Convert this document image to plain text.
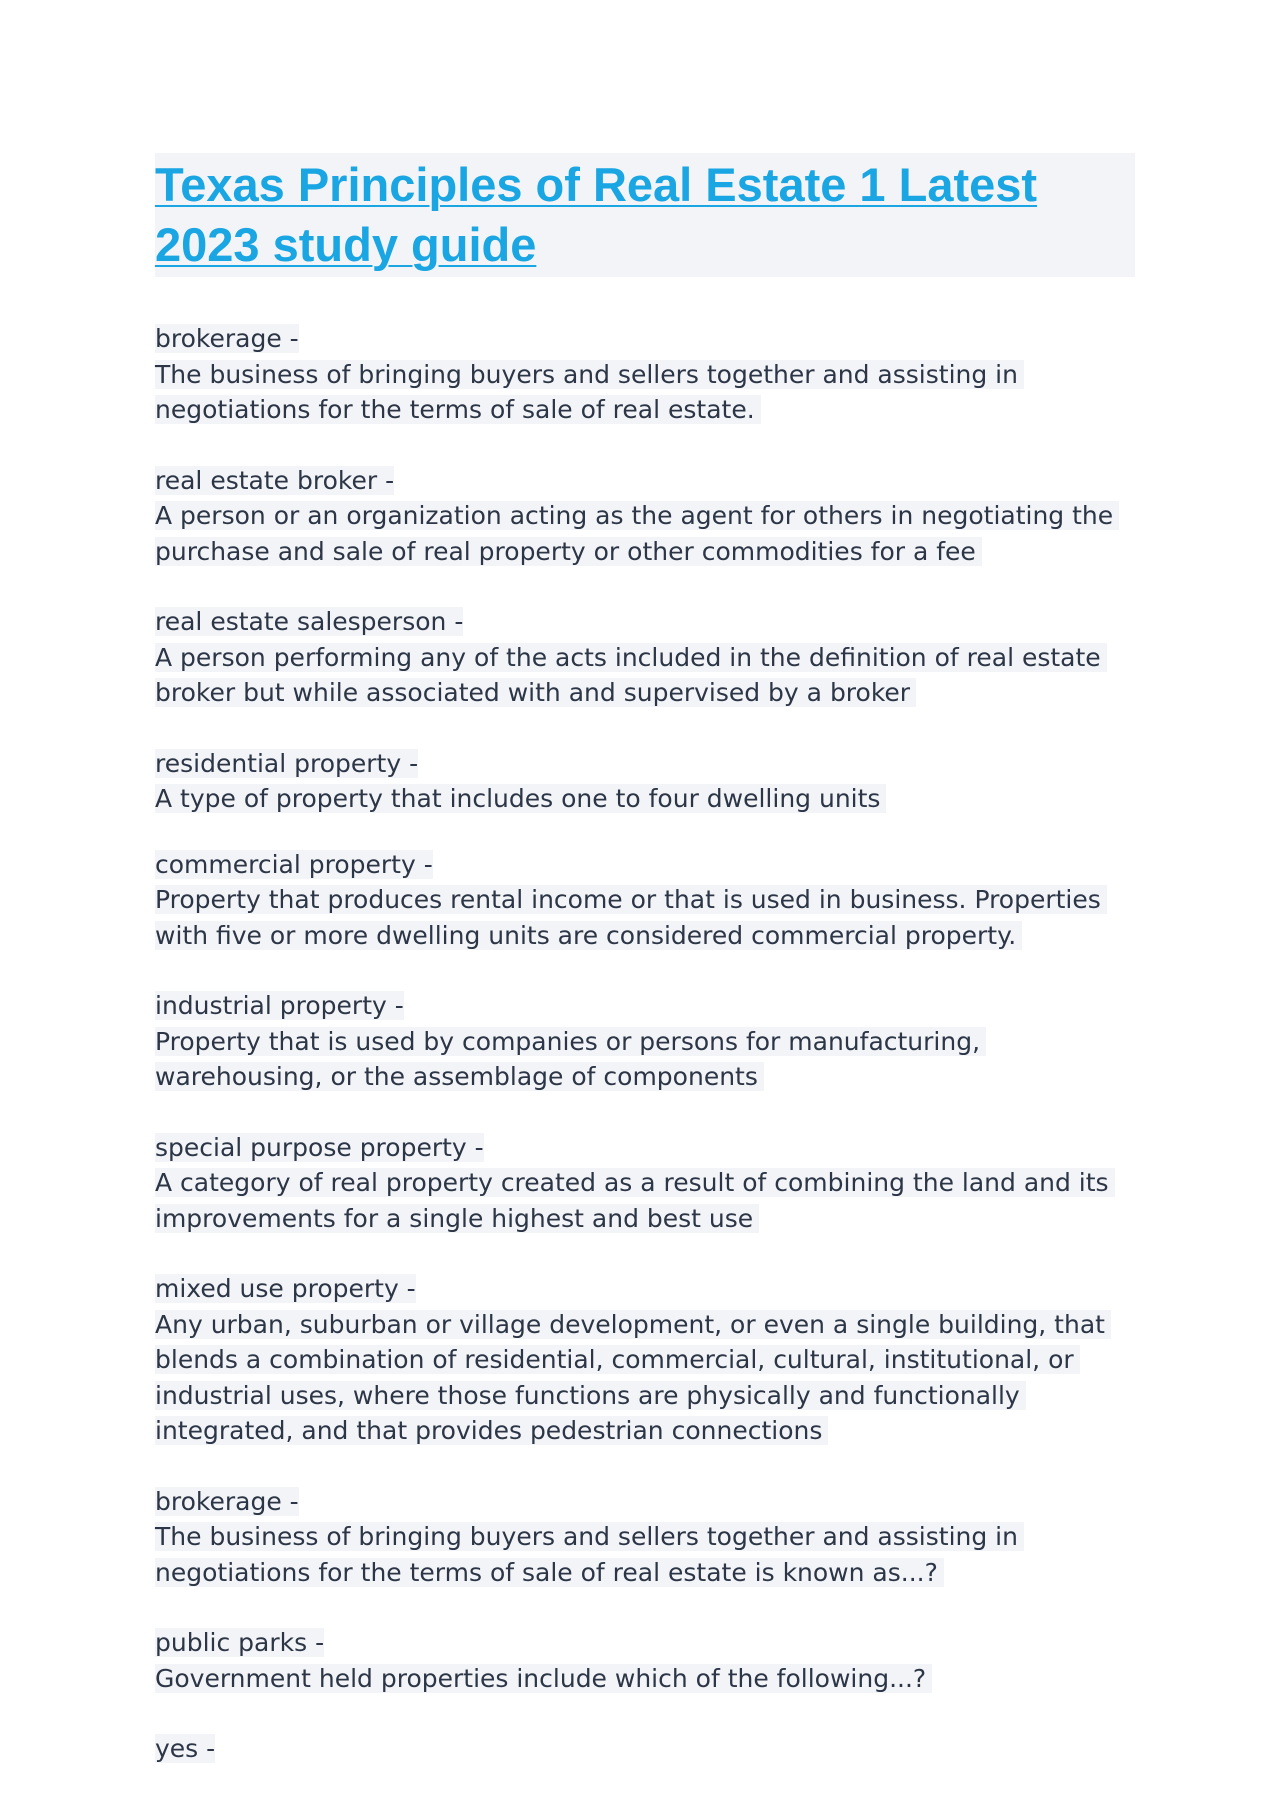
Texas Principles of Real Estate 1 Latest 2023 study guide
brokerage -
The business of bringing buyers and sellers together and assisting in negotiations for the terms of sale of real estate.
real estate broker -
A person or an organization acting as the agent for others in negotiating the purchase and sale of real property or other commodities for a fee
real estate salesperson -
A person performing any of the acts included in the definition of real estate broker but while associated with and supervised by a broker
residential property -
A type of property that includes one to four dwelling units
commercial property -
Property that produces rental income or that is used in business. Properties with five or more dwelling units are considered commercial property.
industrial property -
Property that is used by companies or persons for manufacturing, warehousing, or the assemblage of components
special purpose property -
A category of real property created as a result of combining the land and its improvements for a single highest and best use
mixed use property -
Any urban, suburban or village development, or even a single building, that blends a combination of residential, commercial, cultural, institutional, or industrial uses, where those functions are physically and functionally integrated, and that provides pedestrian connections
brokerage -
The business of bringing buyers and sellers together and assisting in negotiations for the terms of sale of real estate is known as...?
public parks -
Government held properties include which of the following...?
yes -
